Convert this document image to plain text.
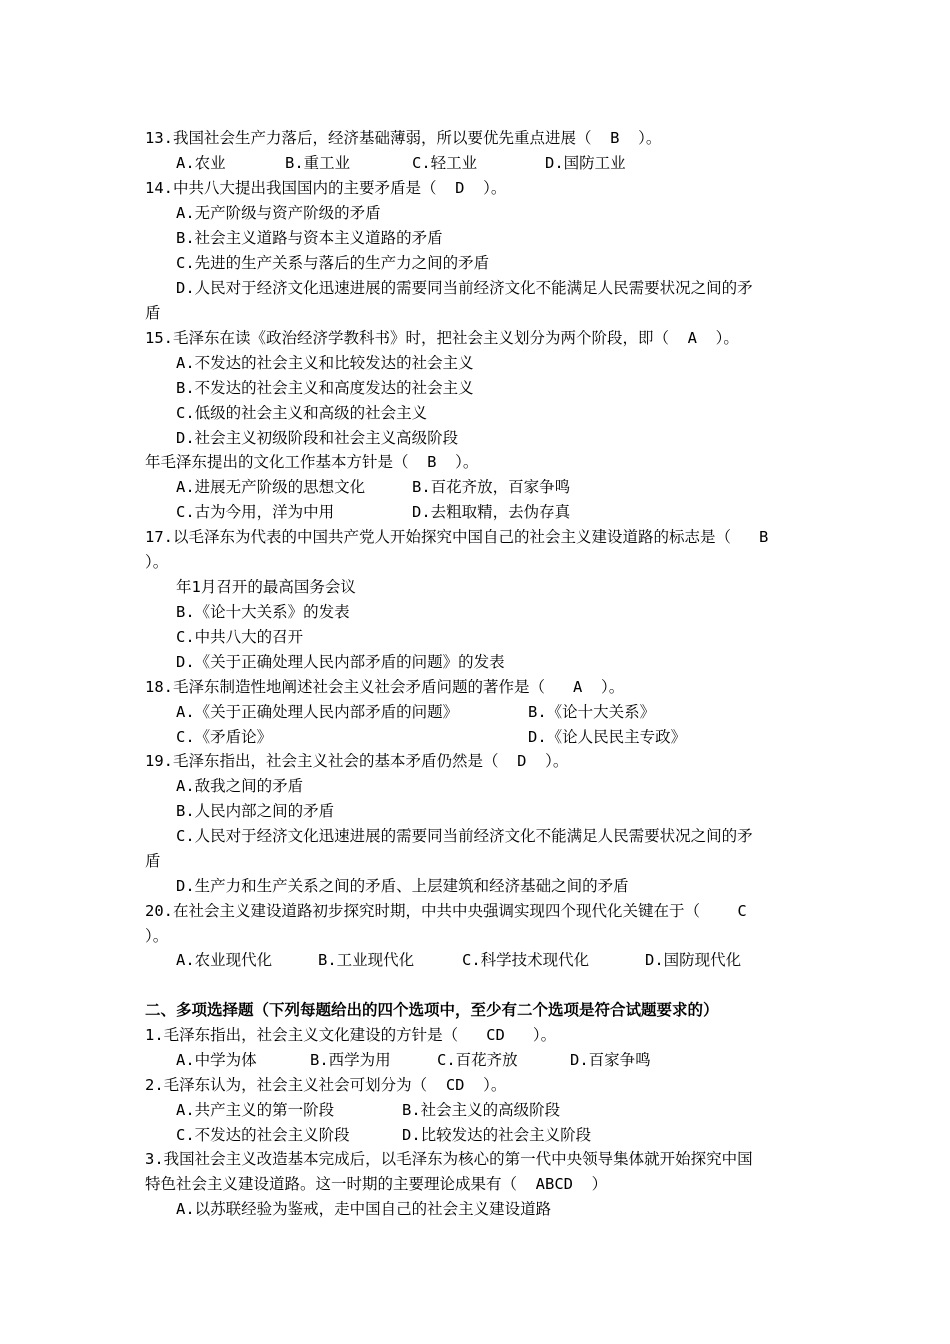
13.我国社会生产力落后，经济基础薄弱，所以要优先重点进展（  B  ）。
A.农业	B.重工业	C.轻工业	D.国防工业
14.中共八大提出我国国内的主要矛盾是（  D  ）。
A.无产阶级与资产阶级的矛盾
B.社会主义道路与资本主义道路的矛盾
C.先进的生产关系与落后的生产力之间的矛盾
D.人民对于经济文化迅速进展的需要同当前经济文化不能满足人民需要状况之间的矛
盾
15.毛泽东在读《政治经济学教科书》时，把社会主义划分为两个阶段，即（  A  ）。
A.不发达的社会主义和比较发达的社会主义
B.不发达的社会主义和高度发达的社会主义
C.低级的社会主义和高级的社会主义
D.社会主义初级阶段和社会主义高级阶段
年毛泽东提出的文化工作基本方针是（  B  ）。
A.进展无产阶级的思想文化	B.百花齐放，百家争鸣
C.古为今用，洋为中用	D.去粗取精，去伪存真
17.以毛泽东为代表的中国共产党人开始探究中国自己的社会主义建设道路的标志是（   B
）。
年1月召开的最高国务会议
B.《论十大关系》的发表
C.中共八大的召开
D.《关于正确处理人民内部矛盾的问题》的发表
18.毛泽东制造性地阐述社会主义社会矛盾问题的著作是（   A  ）。
A.《关于正确处理人民内部矛盾的问题》	B.《论十大关系》
C.《矛盾论》	D.《论人民民主专政》
19.毛泽东指出，社会主义社会的基本矛盾仍然是（  D  ）。
A.敌我之间的矛盾
B.人民内部之间的矛盾
C.人民对于经济文化迅速进展的需要同当前经济文化不能满足人民需要状况之间的矛
盾
D.生产力和生产关系之间的矛盾、上层建筑和经济基础之间的矛盾
20.在社会主义建设道路初步探究时期，中共中央强调实现四个现代化关键在于（    C
）。
A.农业现代化	B.工业现代化	C.科学技术现代化	D.国防现代化
二、多项选择题（下列每题给出的四个选项中，至少有二个选项是符合试题要求的）
1.毛泽东指出，社会主义文化建设的方针是（   CD   ）。
A.中学为体	B.西学为用	C.百花齐放	D.百家争鸣
2.毛泽东认为，社会主义社会可划分为（  CD  ）。
A.共产主义的第一阶段	B.社会主义的高级阶段
C.不发达的社会主义阶段	D.比较发达的社会主义阶段
3.我国社会主义改造基本完成后，以毛泽东为核心的第一代中央领导集体就开始探究中国
特色社会主义建设道路。这一时期的主要理论成果有（  ABCD  ）
A.以苏联经验为鉴戒，走中国自己的社会主义建设道路
